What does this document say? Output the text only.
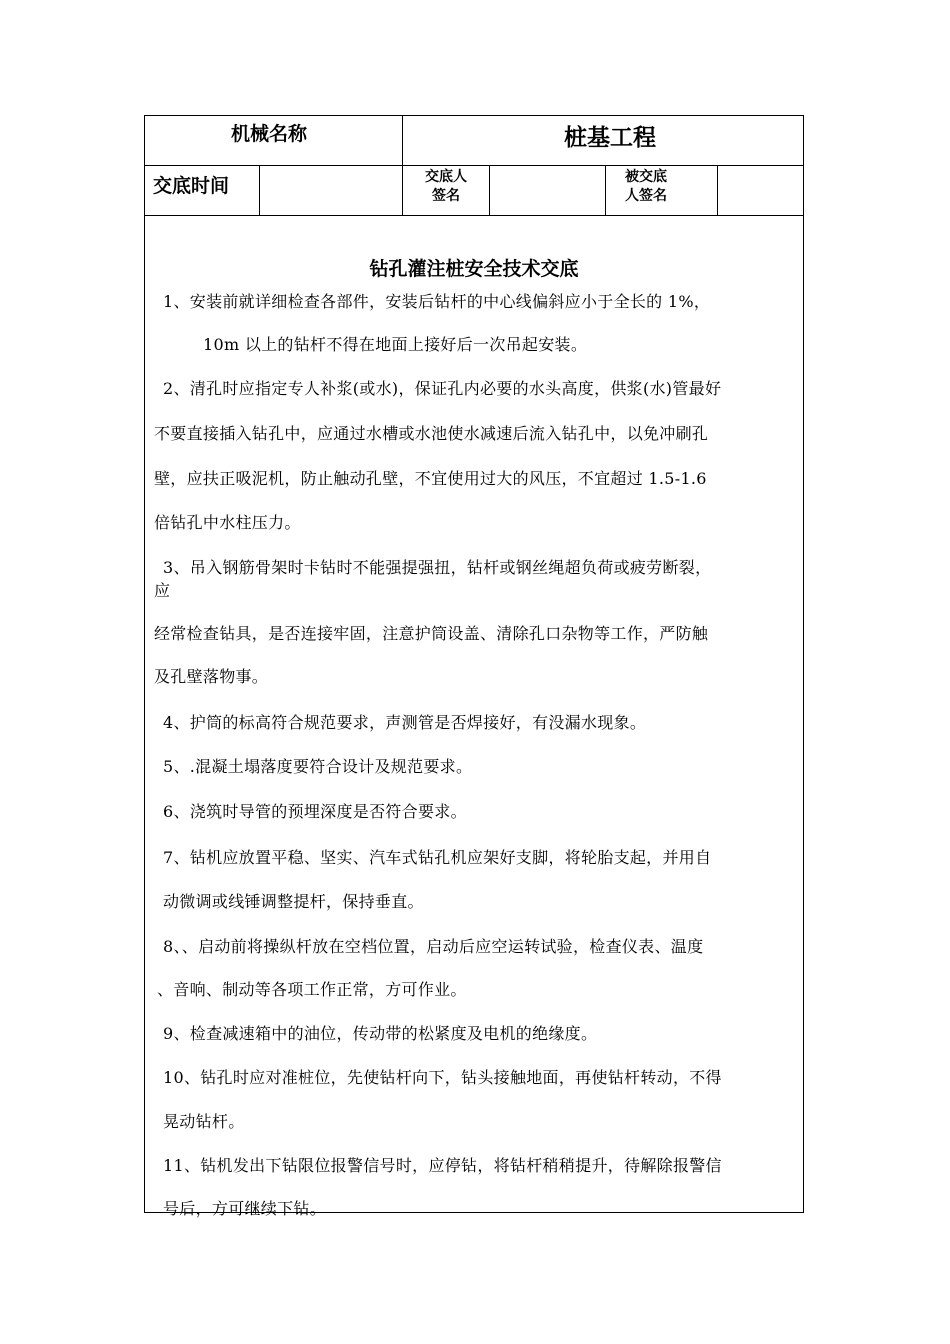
机械名称	桩基工程
交底时间	交底人
签名
被交底
人签名
钻孔灌注桩安全技术交底
1、安装前就详细检查各部件，安装后钻杆的中心线偏斜应小于全长的 1%，
10m 以上的钻杆不得在地面上接好后一次吊起安装。
2、清孔时应指定专人补浆(或水)，保证孔内必要的水头高度，供浆(水)管最好
不要直接插入钻孔中，应通过水槽或水池使水减速后流入钻孔中，以免冲刷孔
壁，应扶正吸泥机，防止触动孔壁，不宜使用过大的风压，不宜超过 1.5-1.6
倍钻孔中水柱压力。
3、吊入钢筋骨架时卡钻时不能强提强扭，钻杆或钢丝绳超负荷或疲劳断裂，
应
经常检查钻具，是否连接牢固，注意护筒设盖、清除孔口杂物等工作，严防触
及孔壁落物事。
4、护筒的标高符合规范要求，声测管是否焊接好，有没漏水现象。
5、.混凝土塌落度要符合设计及规范要求。
6、浇筑时导管的预埋深度是否符合要求。
7、钻机应放置平稳、坚实、汽车式钻孔机应架好支脚，将轮胎支起，并用自
动微调或线锤调整提杆，保持垂直。
8、、启动前将操纵杆放在空档位置，启动后应空运转试验，检查仪表、温度
、音响、制动等各项工作正常，方可作业。
9、检查减速箱中的油位，传动带的松紧度及电机的绝缘度。
10、钻孔时应对准桩位，先使钻杆向下，钻头接触地面，再使钻杆转动，不得
晃动钻杆。
11、钻机发出下钻限位报警信号时，应停钻，将钻杆稍稍提升，待解除报警信
号后，方可继续下钻。
